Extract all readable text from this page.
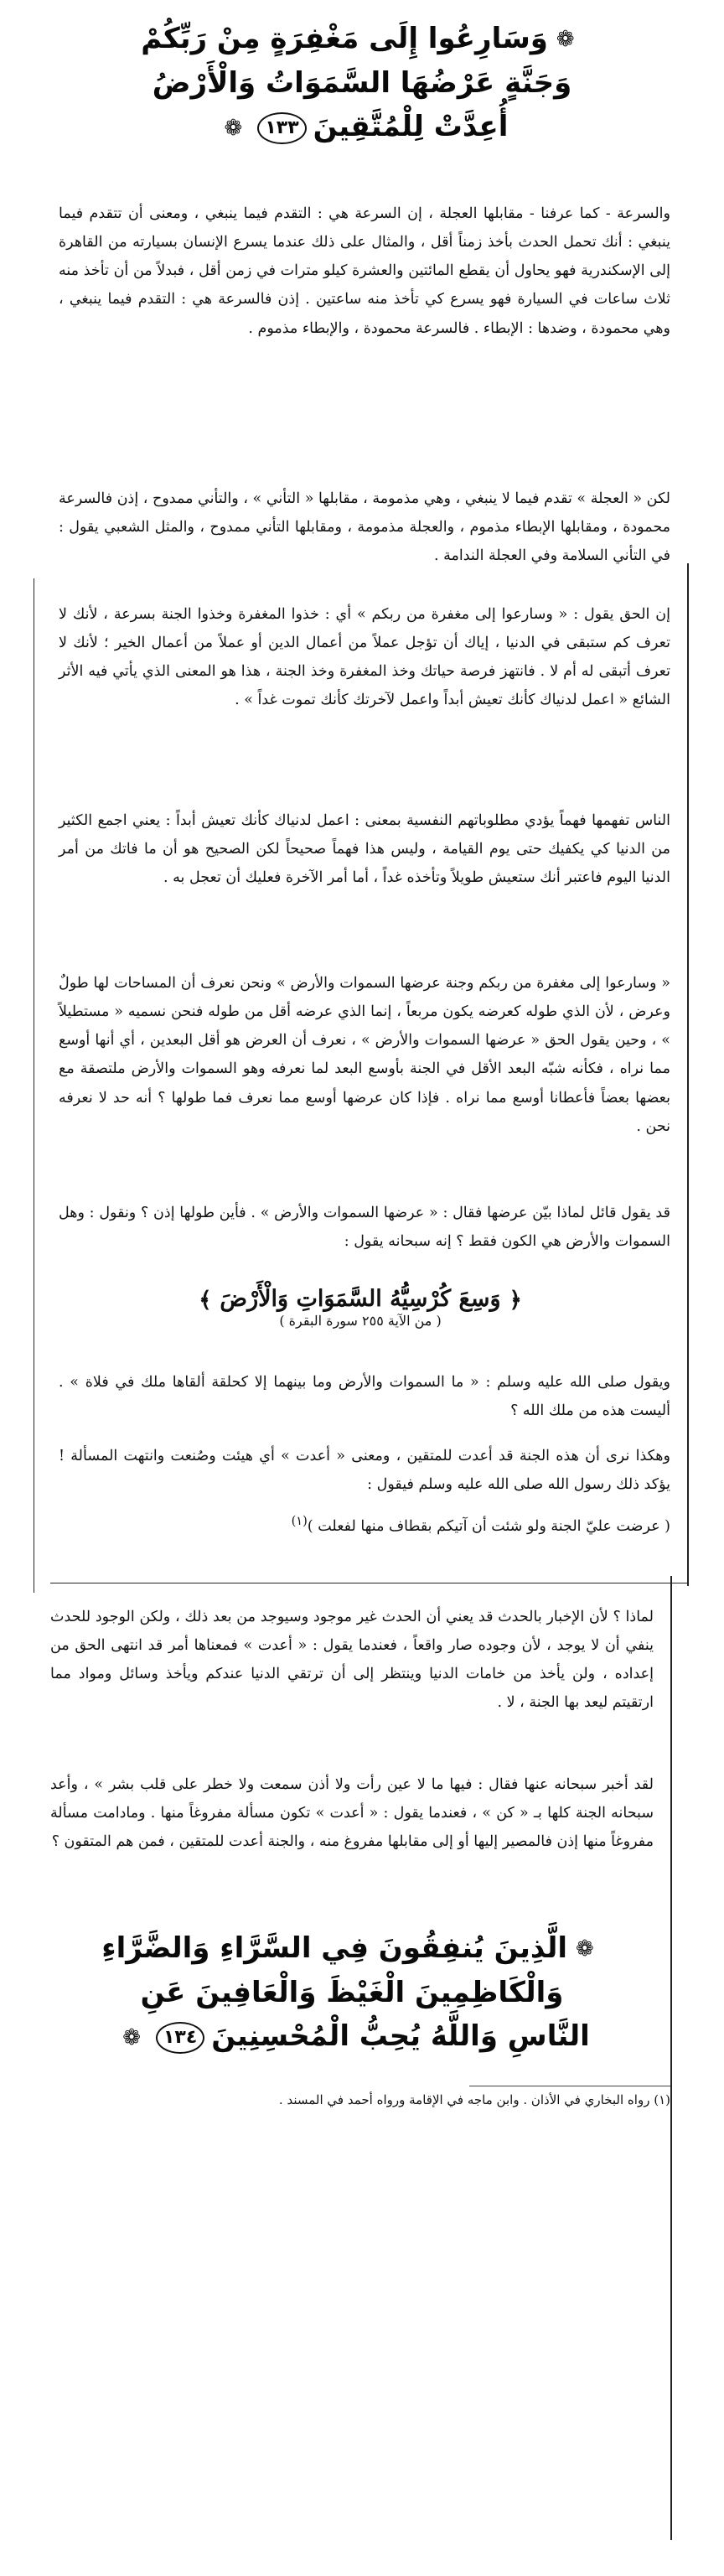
❁وَسَارِعُوا إِلَى مَغْفِرَةٍ مِنْ رَبِّكُمْ
وَجَنَّةٍ عَرْضُهَا السَّمَوَاتُ وَالْأَرْضُ
أُعِدَّتْ لِلْمُتَّقِينَ١٣٣❁

والسرعة - كما عرفنا - مقابلها العجلة ، إن السرعة هي : التقدم فيما ينبغي ، ومعنى أن تتقدم فيما ينبغي : أنك تحمل الحدث بأخذ زمناً أقل ، والمثال على ذلك عندما يسرع الإنسان بسيارته من القاهرة إلى الإسكندرية فهو يحاول أن يقطع المائتين والعشرة كيلو مترات في زمن أقل ، فبدلاً من أن تأخذ منه ثلاث ساعات في السيارة فهو يسرع كي تأخذ منه ساعتين . إذن فالسرعة هي : التقدم فيما ينبغي ، وهي محمودة ، وضدها : الإبطاء . فالسرعة محمودة ، والإبطاء مذموم .

لكن « العجلة » تقدم فيما لا ينبغي ، وهي مذمومة ، مقابلها « التأني » ، والتأني ممدوح ، إذن فالسرعة محمودة ، ومقابلها الإبطاء مذموم ، والعجلة مذمومة ، ومقابلها التأني ممدوح ، والمثل الشعبي يقول : في التأني السلامة وفي العجلة الندامة .

إن الحق يقول : « وسارعوا إلى مغفرة من ربكم » أي : خذوا المغفرة وخذوا الجنة بسرعة ، لأنك لا تعرف كم ستبقى في الدنيا ، إياك أن تؤجل عملاً من أعمال الدين أو عملاً من أعمال الخير ؛ لأنك لا تعرف أتبقى له أم لا . فانتهز فرصة حياتك وخذ المغفرة وخذ الجنة ، هذا هو المعنى الذي يأتي فيه الأثر الشائع « اعمل لدنياك كأنك تعيش أبداً واعمل لآخرتك كأنك تموت غداً » .

الناس تفهمها فهماً يؤدي مطلوباتهم النفسية بمعنى : اعمل لدنياك كأنك تعيش أبداً : يعني اجمع الكثير من الدنيا كي يكفيك حتى يوم القيامة ، وليس هذا فهماً صحيحاً لكن الصحيح هو أن ما فاتك من أمر الدنيا اليوم فاعتبر أنك ستعيش طويلاً وتأخذه غداً ، أما أمر الآخرة فعليك أن تعجل به .

« وسارعوا إلى مغفرة من ربكم وجنة عرضها السموات والأرض » ونحن نعرف أن المساحات لها طولٌ وعرض ، لأن الذي طوله كعرضه يكون مربعاً ، إنما الذي عرضه أقل من طوله فنحن نسميه « مستطيلاً » ، وحين يقول الحق « عرضها السموات والأرض » ، نعرف أن العرض هو أقل البعدين ، أي أنها أوسع مما نراه ، فكأنه شبّه البعد الأقل في الجنة بأوسع البعد لما نعرفه وهو السموات والأرض ملتصقة مع بعضها بعضاً فأعطانا أوسع مما نراه . فإذا كان عرضها أوسع مما نعرف فما طولها ؟ أنه حد لا نعرفه نحن .

قد يقول قائل لماذا بيّن عرضها فقال : « عرضها السموات والأرض » . فأين طولها إذن ؟ ونقول : وهل السموات والأرض هي الكون فقط ؟ إنه سبحانه يقول :

﴿وَسِعَ كُرْسِيُّهُ السَّمَوَاتِ وَالْأَرْضَ﴾
( من الآية ٢٥٥ سورة البقرة )

ويقول صلى الله عليه وسلم : « ما السموات والأرض وما بينهما إلا كحلقة ألقاها ملك في فلاة » . أليست هذه من ملك الله ؟

وهكذا نرى أن هذه الجنة قد أعدت للمتقين ، ومعنى « أعدت » أي هيئت وصُنعت وانتهت المسألة ! يؤكد ذلك رسول الله صلى الله عليه وسلم فيقول :

( عرضت عليّ الجنة ولو شئت أن آتيكم بقطاف منها لفعلت )$^{(١)}$

لماذا ؟ لأن الإخبار بالحدث قد يعني أن الحدث غير موجود وسيوجد من بعد ذلك ، ولكن الوجود للحدث ينفي أن لا يوجد ، لأن وجوده صار واقعاً ، فعندما يقول : « أعدت » فمعناها أمر قد انتهى الحق من إعداده ، ولن يأخذ من خامات الدنيا وينتظر إلى أن ترتقي الدنيا عندكم ويأخذ وسائل ومواد مما ارتقيتم ليعد بها الجنة ، لا .

لقد أخبر سبحانه عنها فقال : فيها ما لا عين رأت ولا أذن سمعت ولا خطر على قلب بشر » ، وأعد سبحانه الجنة كلها بـ « كن » ، فعندما يقول : « أعدت » تكون مسألة مفروغاً منها . ومادامت مسألة مفروغاً منها إذن فالمصير إليها أو إلى مقابلها مفروغ منه ، والجنة أعدت للمتقين ، فمن هم المتقون ؟

❁الَّذِينَ يُنفِقُونَ فِي السَّرَّاءِ وَالضَّرَّاءِ
وَالْكَاظِمِينَ الْغَيْظَ وَالْعَافِينَ عَنِ
النَّاسِ وَاللَّهُ يُحِبُّ الْمُحْسِنِينَ١٣٤❁
(١) رواه البخاري في الأذان . وابن ماجه في الإقامة ورواه أحمد في المسند .
